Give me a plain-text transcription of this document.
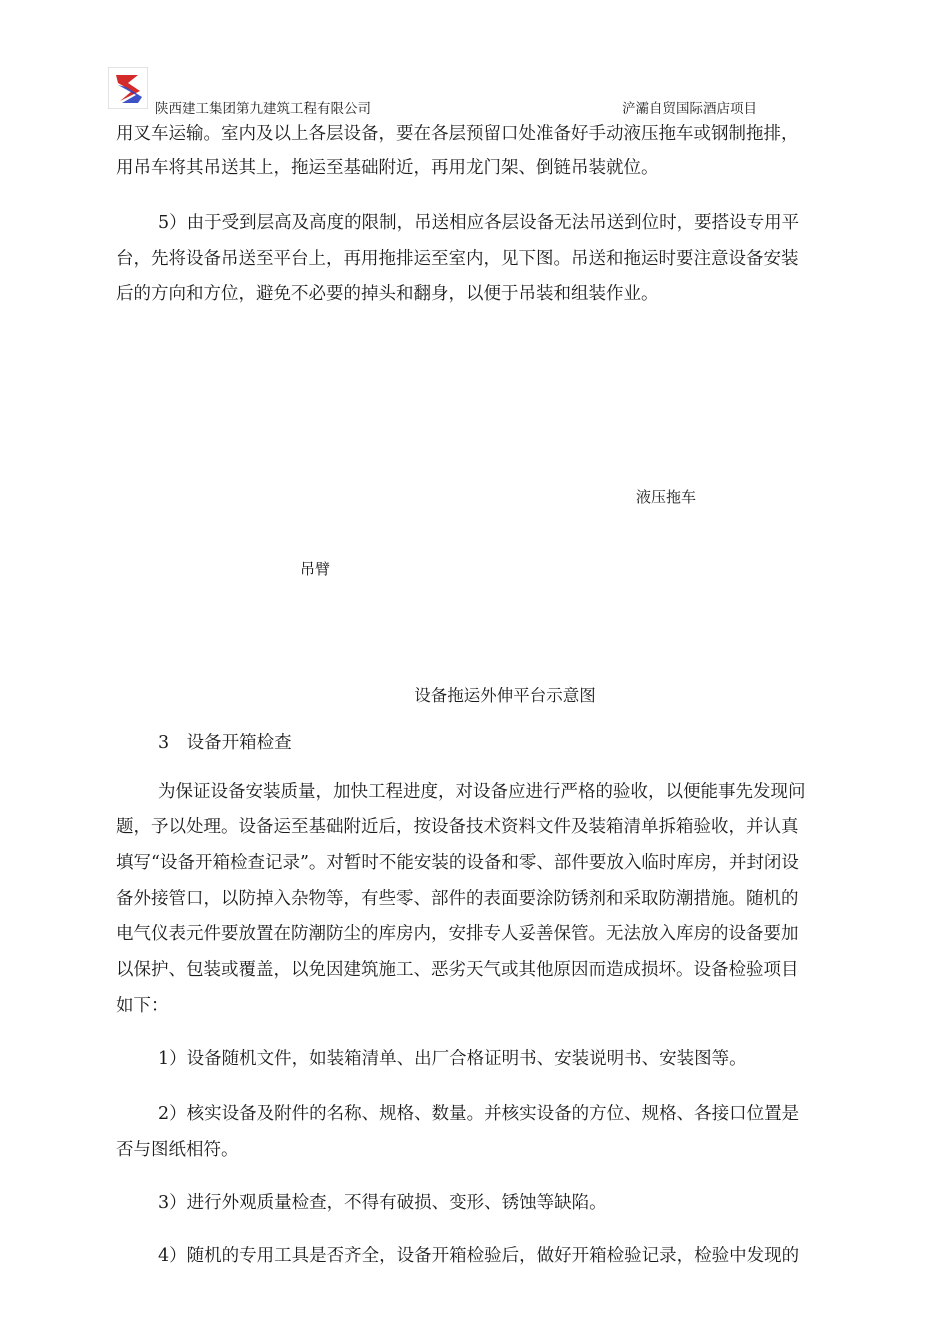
陕西建工集团第九建筑工程有限公司	浐灞自贸国际酒店项目
用叉车运输。室内及以上各层设备，要在各层预留口处准备好手动液压拖车或钢制拖排，
用吊车将其吊送其上，拖运至基础附近，再用龙门架、倒链吊装就位。
5）由于受到层高及高度的限制，吊送相应各层设备无法吊送到位时，要搭设专用平
台，先将设备吊送至平台上，再用拖排运至室内，见下图。吊送和拖运时要注意设备安装
后的方向和方位，避免不必要的掉头和翻身，以便于吊装和组装作业。
液压拖车
吊臂
设备拖运外伸平台示意图
3　设备开箱检查
为保证设备安装质量，加快工程进度，对设备应进行严格的验收，以便能事先发现问
题，予以处理。设备运至基础附近后，按设备技术资料文件及装箱清单拆箱验收，并认真
填写“设备开箱检查记录”。对暂时不能安装的设备和零、部件要放入临时库房，并封闭设
备外接管口，以防掉入杂物等，有些零、部件的表面要涂防锈剂和采取防潮措施。随机的
电气仪表元件要放置在防潮防尘的库房内，安排专人妥善保管。无法放入库房的设备要加
以保护、包装或覆盖，以免因建筑施工、恶劣天气或其他原因而造成损坏。设备检验项目
如下：
1）设备随机文件，如装箱清单、出厂合格证明书、安装说明书、安装图等。
2）核实设备及附件的名称、规格、数量。并核实设备的方位、规格、各接口位置是
否与图纸相符。
3）进行外观质量检查，不得有破损、变形、锈蚀等缺陷。
4）随机的专用工具是否齐全，设备开箱检验后，做好开箱检验记录，检验中发现的
